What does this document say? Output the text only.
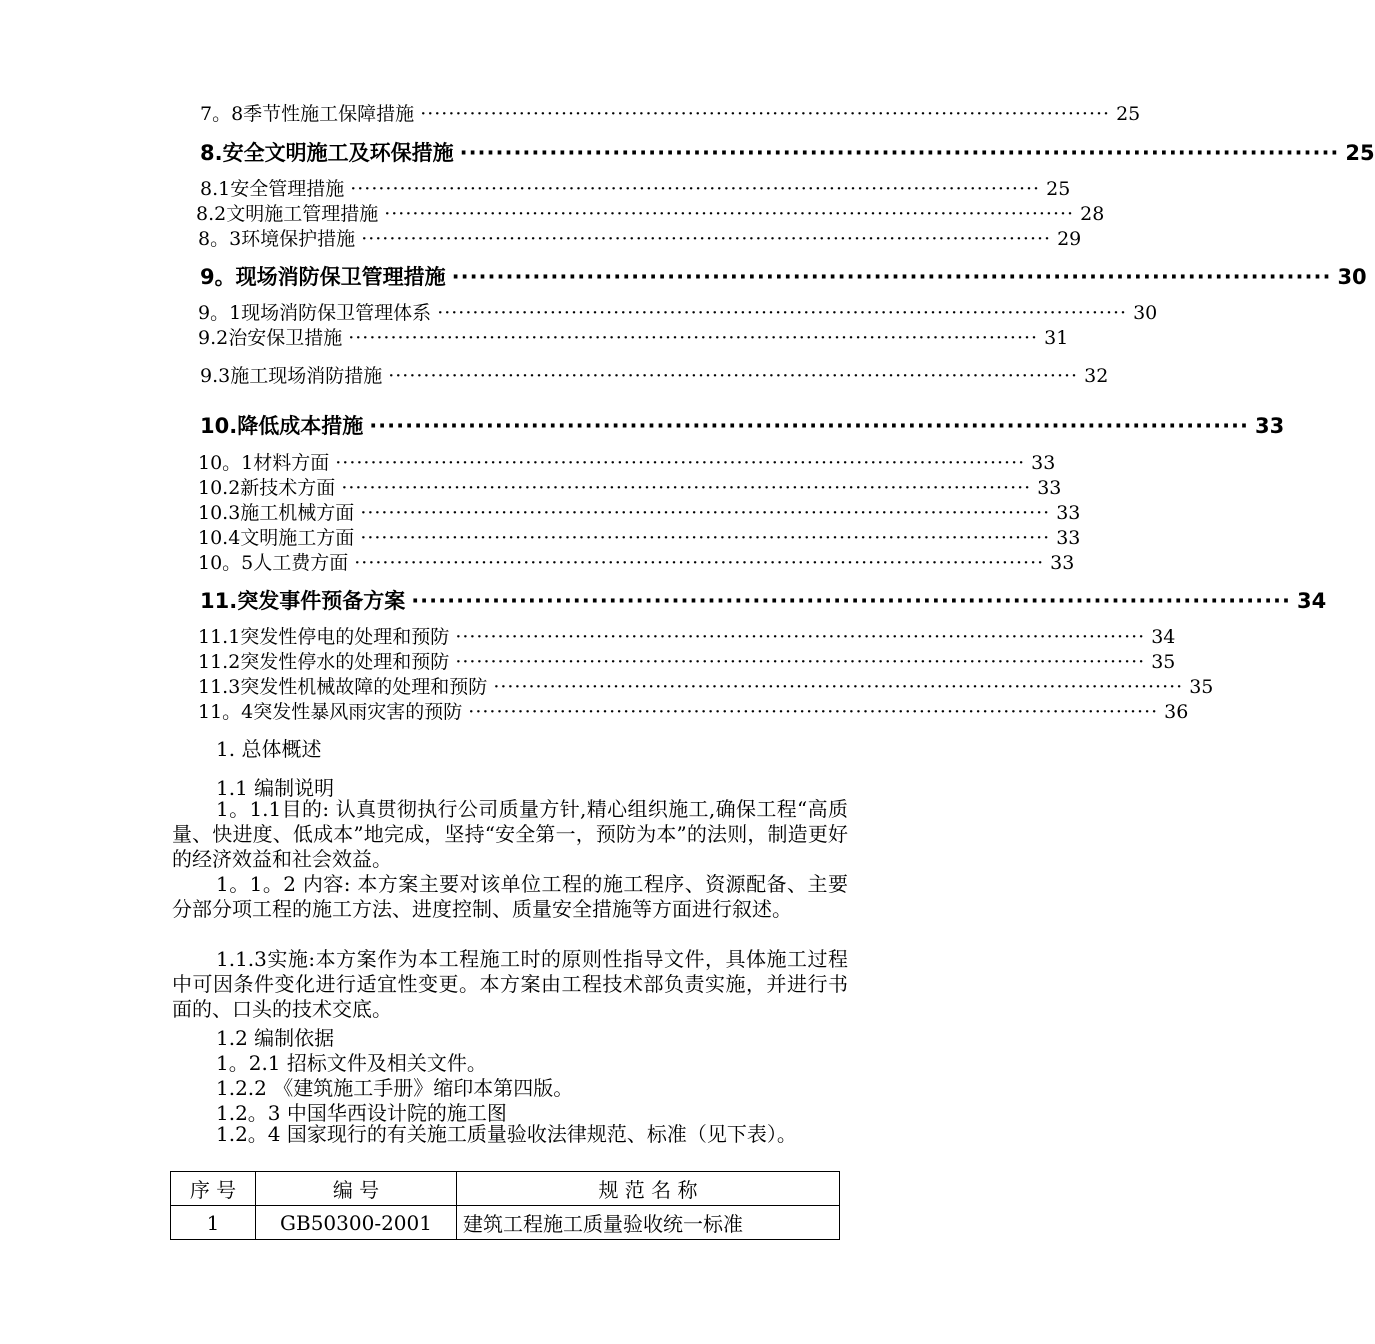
7。8季节性施工保障措施 ·································································································· 25
8.安全文明施工及环保措施 ·································································································· 25
8.1安全管理措施 ·································································································· 25
8.2文明施工管理措施 ·································································································· 28
8。3环境保护措施 ·································································································· 29
9。现场消防保卫管理措施 ·································································································· 30
9。1现场消防保卫管理体系 ·································································································· 30
9.2治安保卫措施 ·································································································· 31
9.3施工现场消防措施 ·································································································· 32
10.降低成本措施 ·································································································· 33
10。1材料方面 ·································································································· 33
10.2新技术方面 ·································································································· 33
10.3施工机械方面 ·································································································· 33
10.4文明施工方面 ·································································································· 33
10。5人工费方面 ·································································································· 33
11.突发事件预备方案 ·································································································· 34
11.1突发性停电的处理和预防 ·································································································· 34
11.2突发性停水的处理和预防 ·································································································· 35
11.3突发性机械故障的处理和预防 ·································································································· 35
11。4突发性暴风雨灾害的预防 ·································································································· 36
1. 总体概述
1.1 编制说明
1。1.1目的: 认真贯彻执行公司质量方针,精心组织施工,确保工程“高质量、快进度、低成本”地完成，坚持“安全第一，预防为本”的法则，制造更好的经济效益和社会效益。
1。1。2 内容: 本方案主要对该单位工程的施工程序、资源配备、主要分部分项工程的施工方法、进度控制、质量安全措施等方面进行叙述。
1.1.3实施:本方案作为本工程施工时的原则性指导文件，具体施工过程中可因条件变化进行适宜性变更。本方案由工程技术部负责实施，并进行书面的、口头的技术交底。
1.2 编制依据
1。2.1 招标文件及相关文件。
1.2.2 《建筑施工手册》缩印本第四版。
1.2。3 中国华西设计院的施工图
1.2。4 国家现行的有关施工质量验收法律规范、标准（见下表）。
序 号	编 号	规 范 名 称
1	GB50300-2001	建筑工程施工质量验收统一标准
